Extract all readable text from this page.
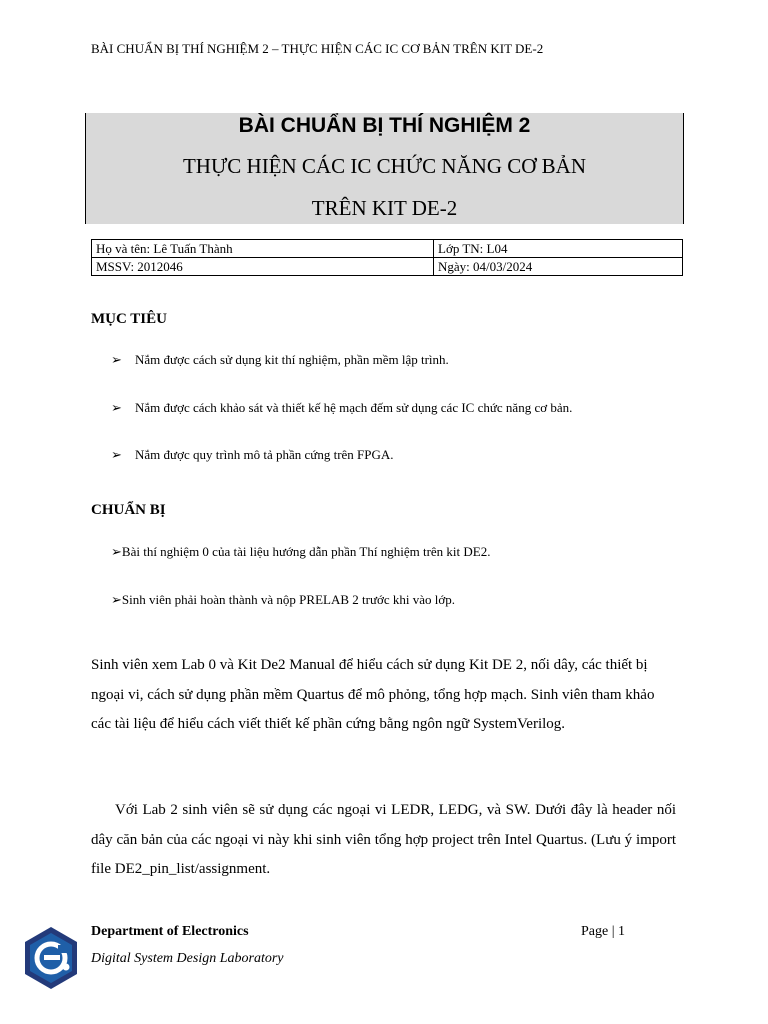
BÀI CHUẨN BỊ THÍ NGHIỆM 2 – THỰC HIỆN CÁC IC CƠ BẢN TRÊN KIT DE-2
BÀI CHUẨN BỊ THÍ NGHIỆM 2
THỰC HIỆN CÁC IC CHỨC NĂNG CƠ BẢN
TRÊN KIT DE-2
Họ và tên: Lê Tuấn Thành	Lớp TN: L04
MSSV: 2012046	Ngày: 04/03/2024
MỤC TIÊU
➢ Nắm được cách sử dụng kit thí nghiệm, phần mềm lập trình.
➢ Nắm được cách khảo sát và thiết kế hệ mạch đếm sử dụng các IC chức năng cơ bản.
➢ Nắm được quy trình mô tả phần cứng trên FPGA.
CHUẨN BỊ
➢Bài thí nghiệm 0 của tài liệu hướng dẫn phần Thí nghiệm trên kit DE2.
➢Sinh viên phải hoàn thành và nộp PRELAB 2 trước khi vào lớp.
Sinh viên xem Lab 0 và Kit De2 Manual để hiểu cách sử dụng Kit DE 2, nối dây, các thiết bị ngoại vi, cách sử dụng phần mềm Quartus để mô phỏng, tổng hợp mạch. Sinh viên tham khảo các tài liệu để hiểu cách viết thiết kế phần cứng bằng ngôn ngữ SystemVerilog.
Với Lab 2 sinh viên sẽ sử dụng các ngoại vi LEDR, LEDG, và SW. Dưới đây là header nối dây căn bản của các ngoại vi này khi sinh viên tổng hợp project trên Intel Quartus. (Lưu ý import file DE2_pin_list/assignment.
Department of Electronics
Digital System Design Laboratory
Page | 1
